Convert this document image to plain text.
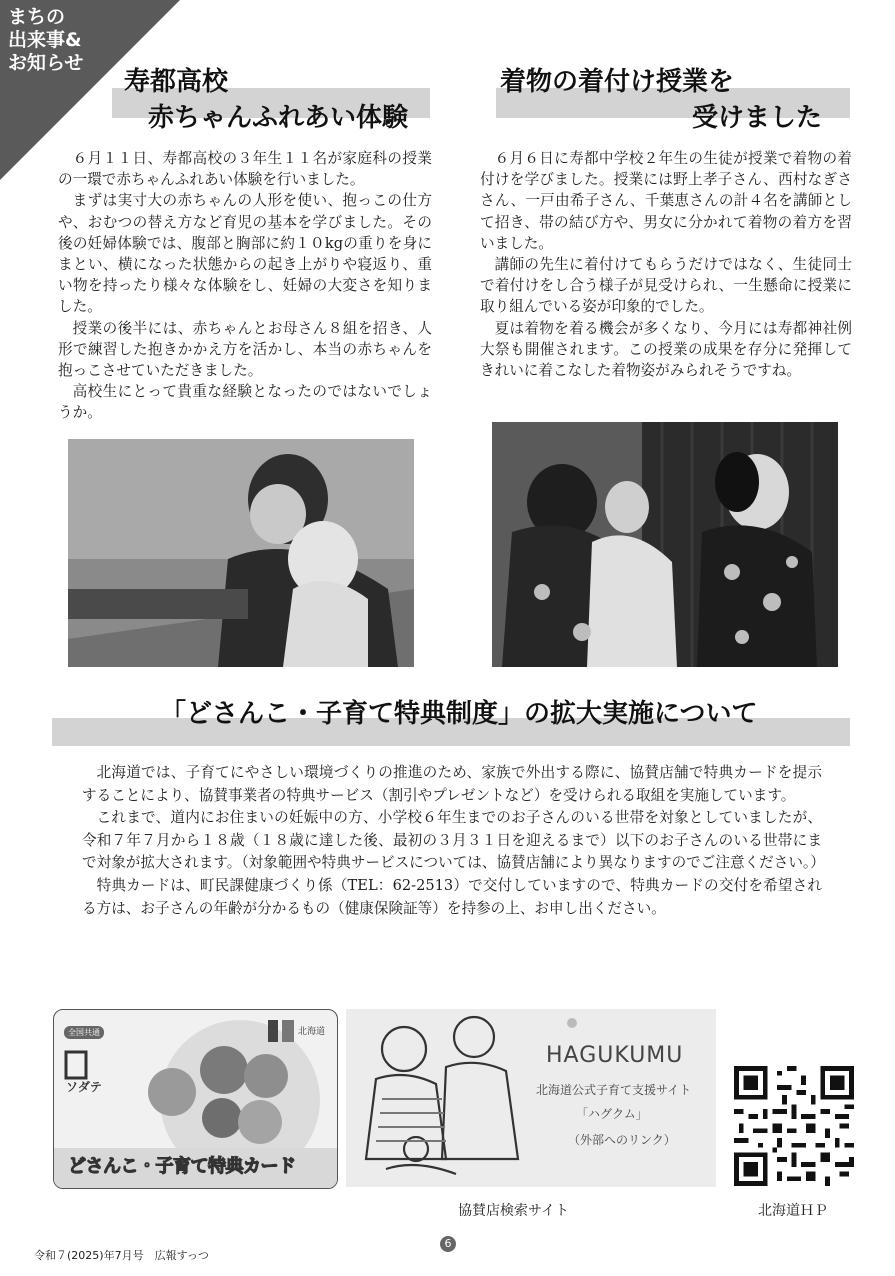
まちの
出来事&
お知らせ
寿都高校
赤ちゃんふれあい体験

６月１１日、寿都高校の３年生１１名が家庭科の授業の一環で赤ちゃんふれあい体験を行いました。

まずは実寸大の赤ちゃんの人形を使い、抱っこの仕方や、おむつの替え方など育児の基本を学びました。その後の妊婦体験では、腹部と胸部に約１０kgの重りを身にまとい、横になった状態からの起き上がりや寝返り、重い物を持ったり様々な体験をし、妊婦の大変さを知りました。

授業の後半には、赤ちゃんとお母さん８組を招き、人形で練習した抱きかかえ方を活かし、本当の赤ちゃんを抱っこさせていただきました。

高校生にとって貴重な経験となったのではないでしょうか。

着物の着付け授業を
受けました

６月６日に寿都中学校２年生の生徒が授業で着物の着付けを学びました。授業には野上孝子さん、西村なぎささん、一戸由希子さん、千葉恵さんの計４名を講師として招き、帯の結び方や、男女に分かれて着物の着方を習いました。

講師の先生に着付けてもらうだけではなく、生徒同士で着付けをし合う様子が見受けられ、一生懸命に授業に取り組んでいる姿が印象的でした。

夏は着物を着る機会が多くなり、今月には寿都神社例大祭も開催されます。この授業の成果を存分に発揮してきれいに着こなした着物姿がみられそうですね。

「どさんこ・子育て特典制度」の拡大実施について

北海道では、子育てにやさしい環境づくりの推進のため、家族で外出する際に、協賛店舗で特典カードを提示することにより、協賛事業者の特典サービス（割引やプレゼントなど）を受けられる取組を実施しています。

これまで、道内にお住まいの妊娠中の方、小学校６年生までのお子さんのいる世帯を対象としていましたが、令和７年７月から１８歳（１８歳に達した後、最初の３月３１日を迎えるまで）以下のお子さんのいる世帯にまで対象が拡大されます。（対象範囲や特典サービスについては、協賛店舗により異なりますのでご注意ください。）

特典カードは、町民課健康づくり係（TEL：62-2513）で交付していますので、特典カードの交付を希望される方は、お子さんの年齢が分かるもの（健康保険証等）を持参の上、お申し出ください。

全国共通
ソダテ
北海道
どさんこ・子育て特典カード
HAGUKUMU
北海道公式子育て支援サイト
「ハグクム」
（外部へのリンク）
協賛店検索サイト	北海道ＨＰ
令和７(2025)年7月号　広報すっつ
6
